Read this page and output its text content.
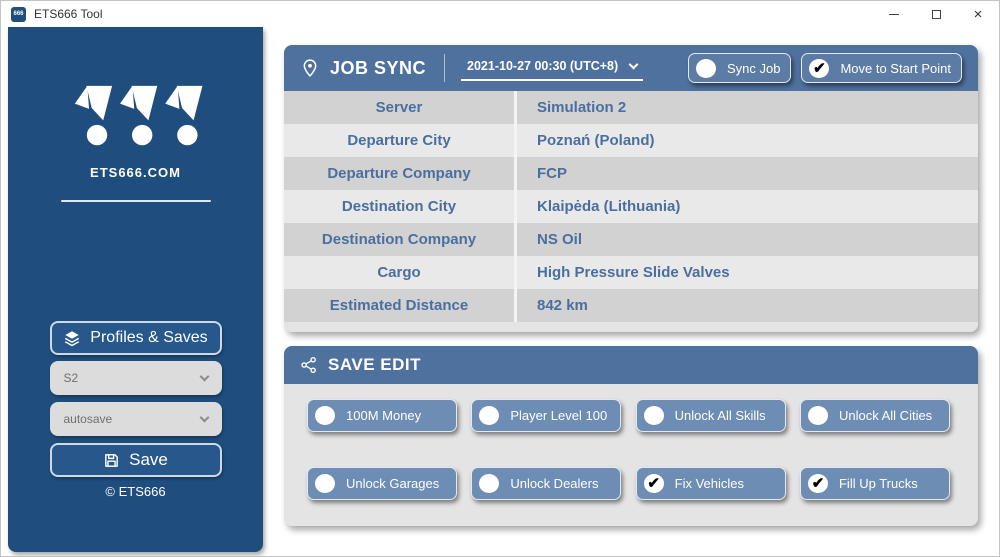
666 ETS666 Tool	×
ETS666.COM
Profiles & Saves
S2
autosave
Save
© ETS666
JOB SYNC	2021-10-27 00:30 (UTC+8)	Sync Job ✔ Move to Start Point
Server	Simulation 2
Departure City	Poznań (Poland)
Departure Company	FCP
Destination City	Klaipėda (Lithuania)
Destination Company	NS Oil
Cargo	High Pressure Slide Valves
Estimated Distance	842 km
SAVE EDIT
100M Money	Player Level 100	Unlock All Skills	Unlock All Cities
Unlock Garages	Unlock Dealers	✔ Fix Vehicles	✔ Fill Up Trucks
